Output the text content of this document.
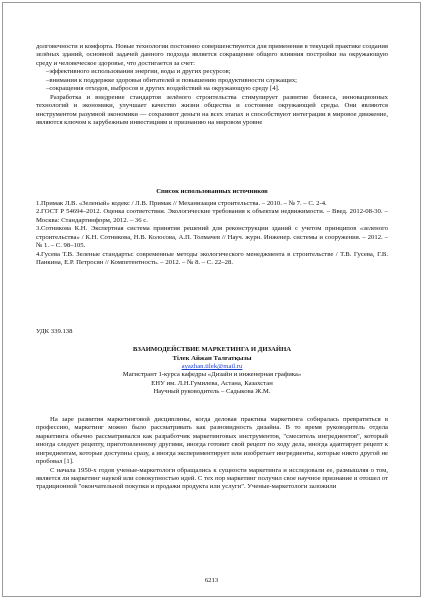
долговечности и комфорта. Новые технологии постоянно совершенствуются для применения в текущей практике создания зелёных зданий, основной задачей данного подхода является сокращение общего влияния постройки на окружающую среду и человеческое здоровье, что достигается за счет:

–эффективного использования энергии, воды и других ресурсов;

–внимания к поддержке здоровья обитателей и повышению продуктивности служащих;

–сокращения отходов, выбросов и других воздействий на окружающую среду [4].

Разработка и внедрение стандартов зелёного строительства стимулирует развитие бизнеса, инновационных технологий и экономики, улучшает качество жизни общества и состояние окружающей среды. Они являются инструментом разумной экономики — сохраняют деньги на всех этапах и способствуют интеграции в мировое движение, являются ключом к зарубежным инвестициям и признанию на мировом уровне

Список использованных источников

1.Примак Л.В. «Зеленый» кодекс / Л.В. Примак // Механизация строительства. – 2010. – № 7. – С. 2-4.

2.ГОСТ Р 54694–2012. Оценка соответствия. Экологические требования к объектам недвижимости. – Введ. 2012-08-30. – Москва: Стандартинформ, 2012. – 36 с.

3.Сотникова К.Н. Экспертная система принятия решений для реконструкции зданий с учетом принципов «зеленого строительства» / К.Н. Сотникова, Н.В. Колосова, А.П. Толмачев // Науч. журн. Инженер. системы и сооружения. – 2012. – № 1. – С. 98–105.

4.Гусева Т.В. Зеленые стандарты: современные методы экологического менеджмента в строительстве / Т.В. Гусева, Г.В. Панкина, Е.Р. Петросян // Компетентность. – 2012. – № 8. – С. 22–28.

УДК 339.138

ВЗАИМОДЕЙСТВИЕ МАРКЕТИНГА И ДИЗАЙНА

Тілек Айжан Талғатқызы

ayazhan.tilek@mail.ru

Магистрант 1-курса кафедры «Дизайн и инженерная графика»

ЕНУ им. Л.Н.Гумилева, Астана, Казахстан

Научный руководитель – Садыкова Ж.М.

На заре развития маркетинговой дисциплины, когда деловая практика маркетинга собиралась превратиться в профессию, маркетинг можно было рассматривать как разновидность дизайна. В то время руководитель отдела маркетинга обычно рассматривался как разработчик маркетинговых инструментов, "смеситель ингредиентов", который иногда следует рецепту, приготовленному другими, иногда готовит свой рецепт по ходу дела, иногда адаптирует рецепт к ингредиентам, которые доступны сразу, а иногда экспериментирует или изобретает ингредиенты, которые никто другой не пробовал [1].

С начала 1950-х годов ученые-маркетологи обращались к сущности маркетинга и исследовали ее, размышляя о том, является ли маркетинг наукой или совокупностью идей. С тех пор маркетинг получил свое научное признание и отошел от традиционной "окончательной покупки и продажи продукта или услуги". Ученые-маркетологи заложили

6213
